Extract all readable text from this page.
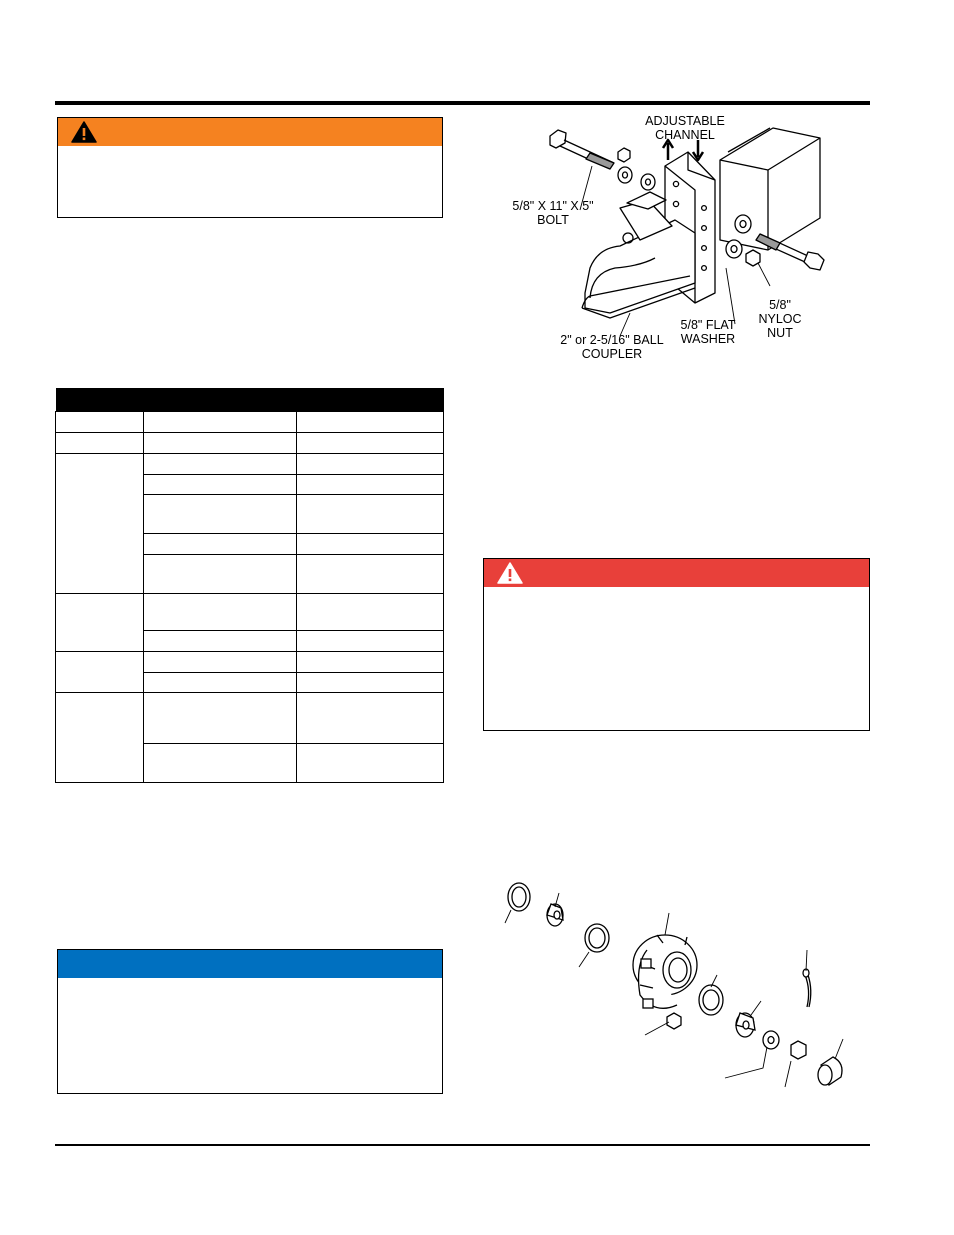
ADJUSTABLE
CHANNEL
5/8" X 11" X 5"
BOLT
2" or 2-5/16" BALL
COUPLER
5/8" FLAT
WASHER
5/8"
NYLOC
NUT
